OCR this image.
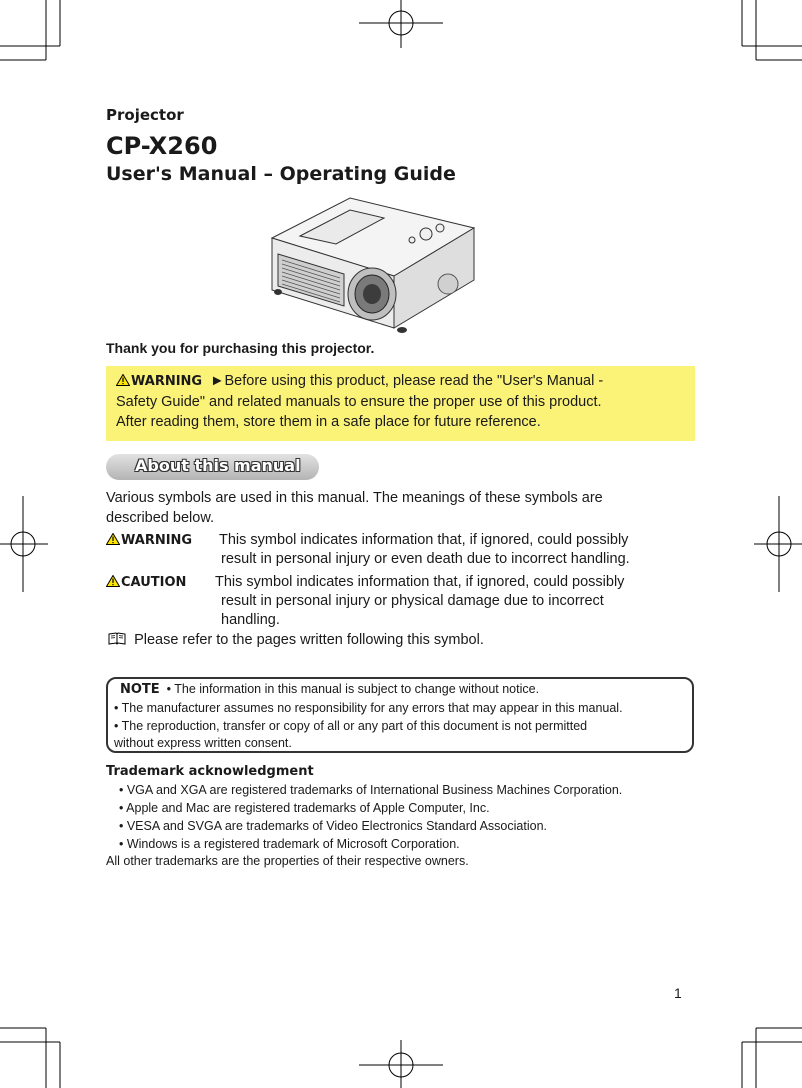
Projector
CP-X260
User's Manual – Operating Guide
Thank you for purchasing this projector.
WARNING ►Before using this product, please read the "User's Manual -
Safety Guide" and related manuals to ensure the proper use of this product.
After reading them, store them in a safe place for future reference.
About this manual
Various symbols are used in this manual. The meanings of these symbols are
described below.
WARNING This symbol indicates information that, if ignored, could possibly
result in personal injury or even death due to incorrect handling.
CAUTION This symbol indicates information that, if ignored, could possibly
result in personal injury or physical damage due to incorrect
handling.
Please refer to the pages written following this symbol.
NOTE • The information in this manual is subject to change without notice.
• The manufacturer assumes no responsibility for any errors that may appear in this manual.
• The reproduction, transfer or copy of all or any part of this document is not permitted
without express written consent.
Trademark acknowledgment
• VGA and XGA are registered trademarks of International Business Machines Corporation.
• Apple and Mac are registered trademarks of Apple Computer, Inc.
• VESA and SVGA are trademarks of Video Electronics Standard Association.
• Windows is a registered trademark of Microsoft Corporation.
All other trademarks are the properties of their respective owners.
1
